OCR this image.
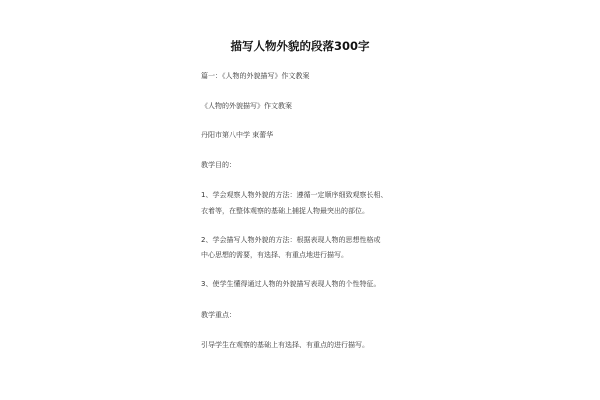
描写人物外貌的段落300字
篇一：《人物的外貌描写》作文教案
《人物的外貌描写》作文教案
丹阳市第八中学 束蕾华
教学目的：
1、学会观察人物外貌的方法：遵循一定顺序细致观察长相、
衣着等，在整体观察的基础上捕捉人物最突出的部位。
2、学会描写人物外貌的方法：根据表现人物的思想性格或
中心思想的需要，有选择、有重点地进行描写。
3、使学生懂得通过人物的外貌描写表现人物的个性特征。
教学重点：
引导学生在观察的基础上有选择、有重点的进行描写。
